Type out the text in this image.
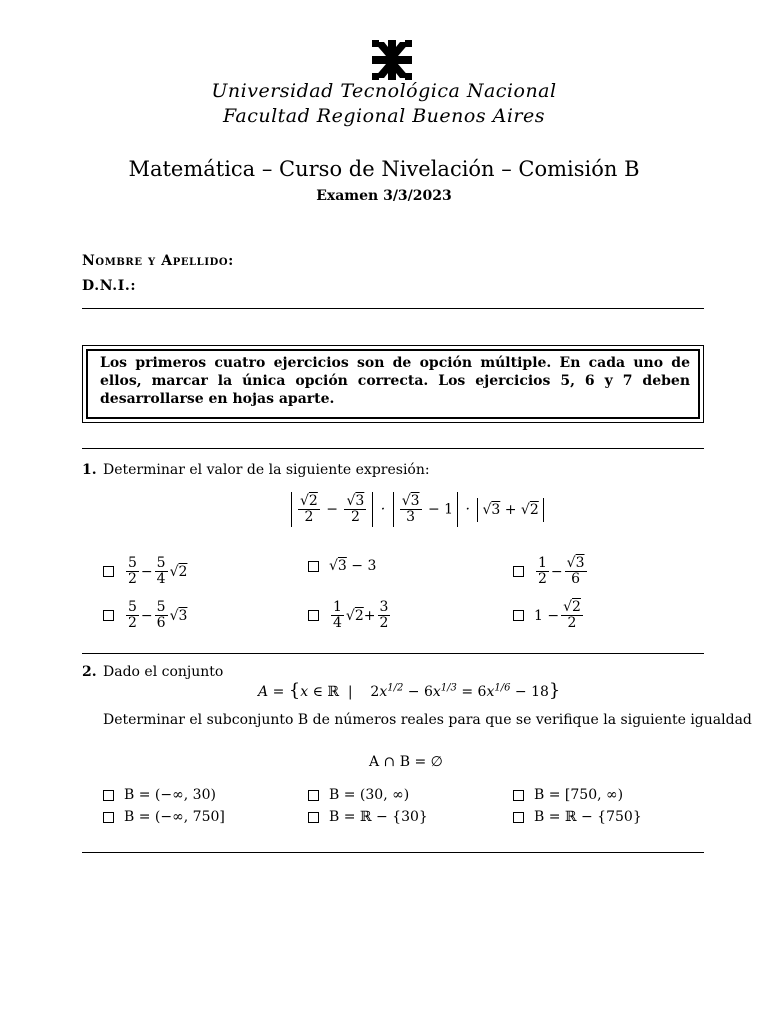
Universidad Tecnológica Nacional
Facultad Regional Buenos Aires
Matemática – Curso de Nivelación – Comisión B
Examen 3/3/2023
Nombre y Apellido:
D.N.I.:
Los primeros cuatro ejercicios son de opción múltiple. En cada uno de ellos, marcar la única opción correcta. Los ejercicios 5, 6 y 7 deben desarrollarse en hojas aparte.
1. Determinar el valor de la siguiente expresión:
$\frac{√2}{2} - \frac{√3}{2} \cdot \frac{√3}{3} - 1 \cdot √3 + √2$
$\frac{5}{2} - \frac{5}{4}$ √ 2	√ 3 − 3	$\frac{1}{2} - \frac{√3}{6}$
$\frac{5}{2} - \frac{5}{6}$ √ 3	$\frac{1}{4}$ √ $2 + \frac{3}{2}$	$1 - \frac{√2}{2}$
2. Dado el conjunto
A = {x ∈ ℝ  |    $2x^{1/2} - 6x^{1/3} = 6x^{1/6} - 18$}
Determinar el subconjunto B de números reales para que se verifique la siguiente igualdad
A ∩ B = ∅
B = (−∞, 30)	B = (30, ∞)	B = [750, ∞)
B = (−∞, 750]	B = ℝ − {30}	B = ℝ − {750}
